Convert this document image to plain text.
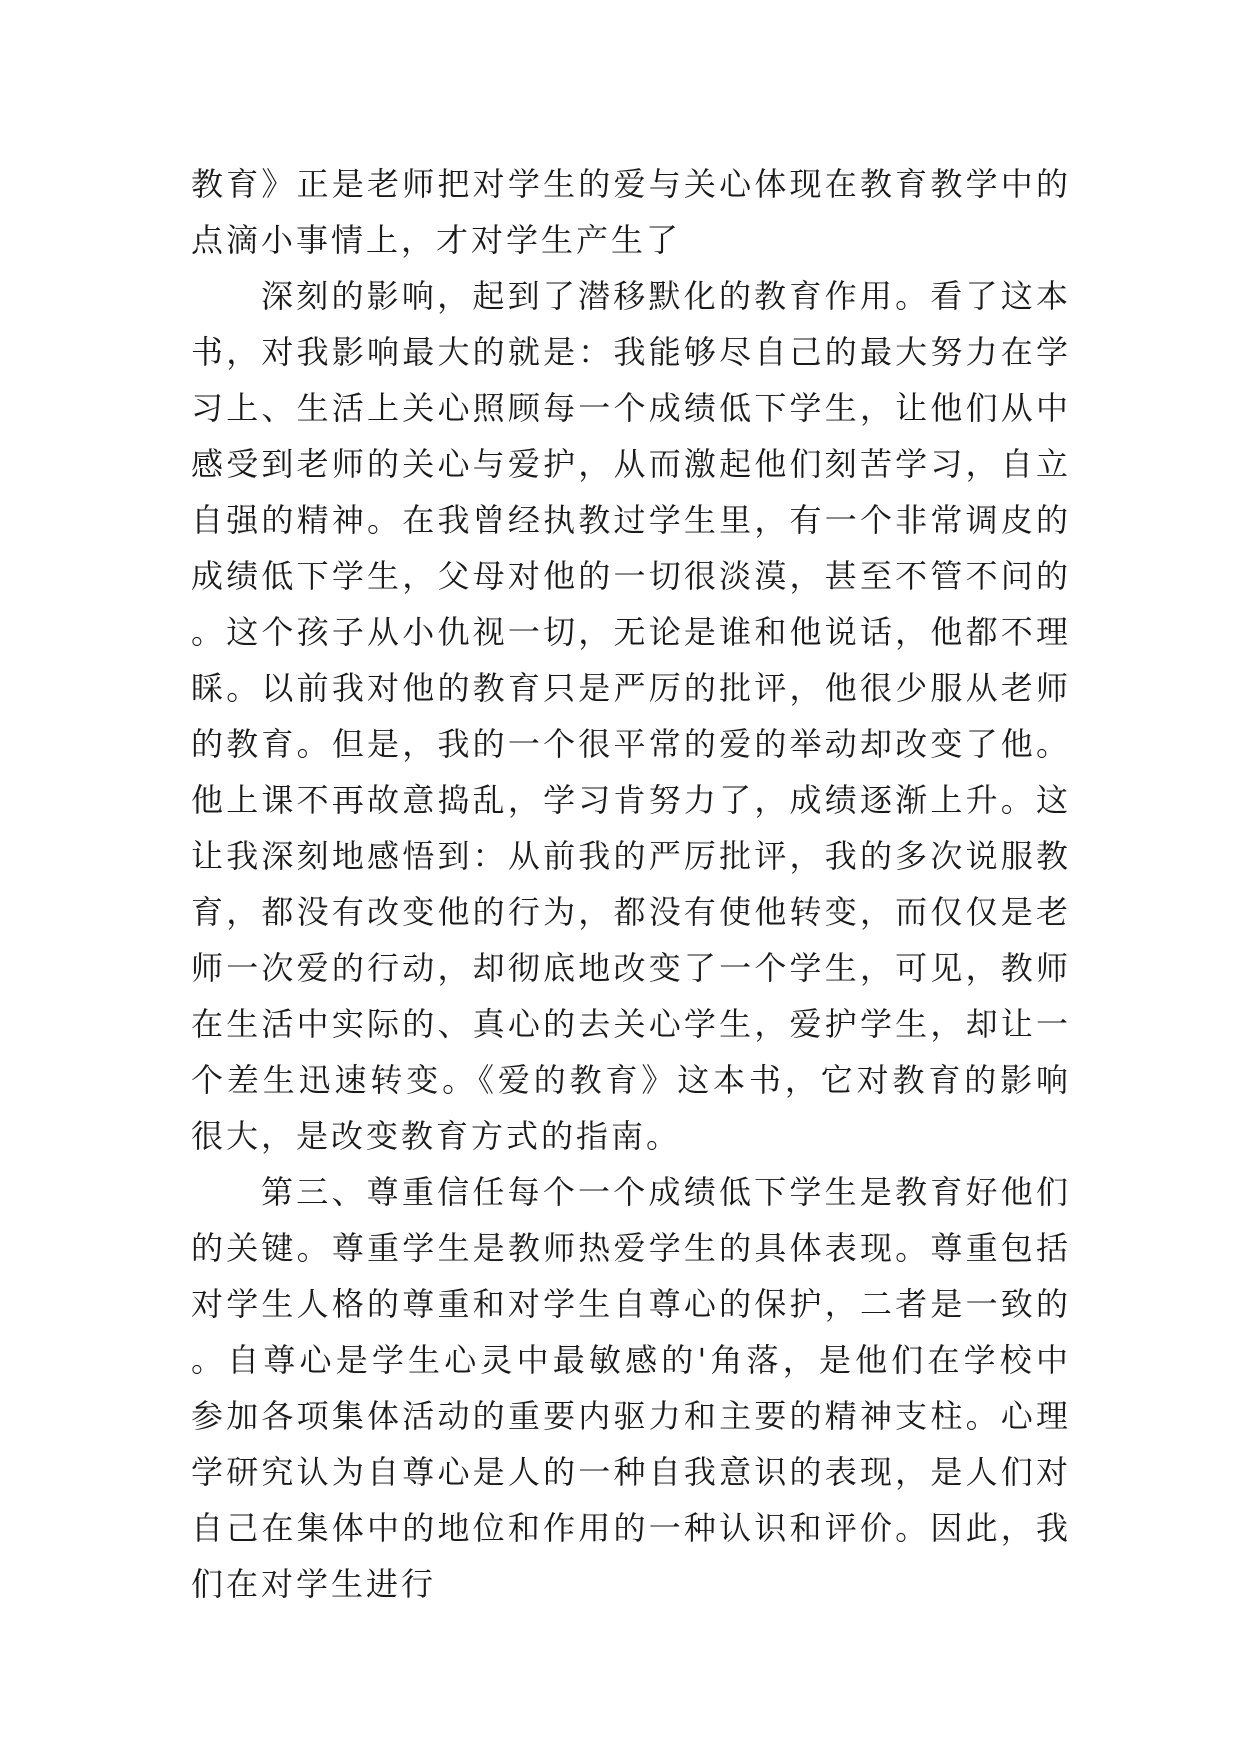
教育》正是老师把对学生的爱与关心体现在教育教学中的点滴小事情上，才对学生产生了

深刻的影响，起到了潜移默化的教育作用。看了这本书，对我影响最大的就是：我能够尽自己的最大努力在学习上、生活上关心照顾每一个成绩低下学生，让他们从中感受到老师的关心与爱护，从而激起他们刻苦学习，自立自强的精神。在我曾经执教过学生里，有一个非常调皮的成绩低下学生，父母对他的一切很淡漠，甚至不管不问的。这个孩子从小仇视一切，无论是谁和他说话，他都不理睬。以前我对他的教育只是严厉的批评，他很少服从老师的教育。但是，我的一个很平常的爱的举动却改变了他。他上课不再故意捣乱，学习肯努力了，成绩逐渐上升。这让我深刻地感悟到：从前我的严厉批评，我的多次说服教育，都没有改变他的行为，都没有使他转变，而仅仅是老师一次爱的行动，却彻底地改变了一个学生，可见，教师在生活中实际的、真心的去关心学生，爱护学生，却让一个差生迅速转变。《爱的教育》这本书，它对教育的影响很大，是改变教育方式的指南。

第三、尊重信任每个一个成绩低下学生是教育好他们的关键。尊重学生是教师热爱学生的具体表现。尊重包括对学生人格的尊重和对学生自尊心的保护，二者是一致的。自尊心是学生心灵中最敏感的'角落，是他们在学校中参加各项集体活动的重要内驱力和主要的精神支柱。心理学研究认为自尊心是人的一种自我意识的表现，是人们对自己在集体中的地位和作用的一种认识和评价。因此，我们在对学生进行
